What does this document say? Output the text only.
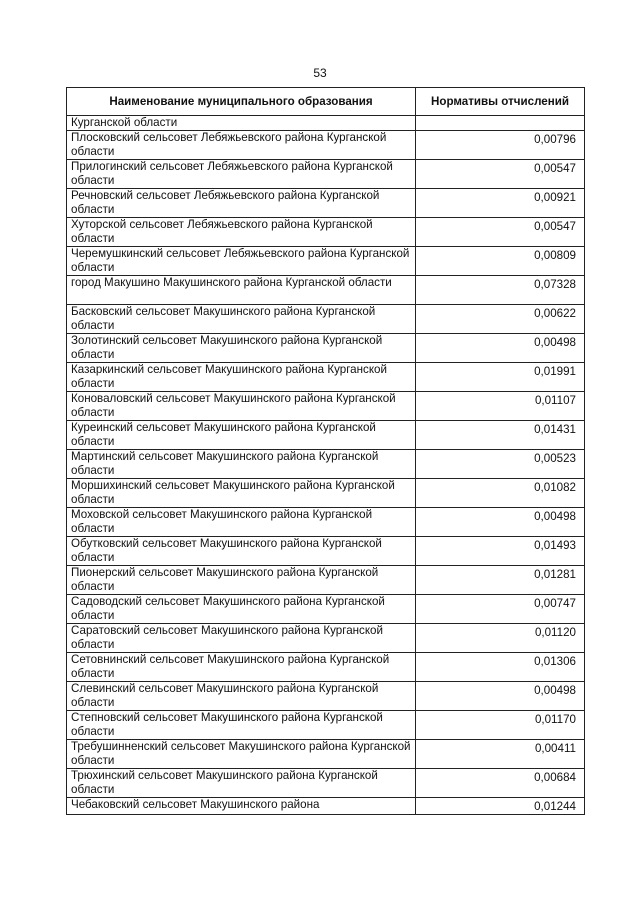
53
Наименование муниципального образования	Нормативы отчислений
Курганской области	
Плосковский сельсовет Лебяжьевского района Курганской области	0,00796
Прилогинский сельсовет Лебяжьевского района Курганской области	0,00547
Речновский сельсовет Лебяжьевского района Курганской области	0,00921
Хуторской сельсовет Лебяжьевского района Курганской области	0,00547
Черемушкинский сельсовет Лебяжьевского района Курганской области	0,00809
город Макушино Макушинского района Курганской области	0,07328
Басковский сельсовет Макушинского района Курганской области	0,00622
Золотинский сельсовет Макушинского района Курганской области	0,00498
Казаркинский сельсовет Макушинского района Курганской области	0,01991
Коноваловский сельсовет Макушинского района Курганской области	0,01107
Куреинский сельсовет Макушинского района Курганской области	0,01431
Мартинский сельсовет Макушинского района Курганской области	0,00523
Моршихинский сельсовет Макушинского района Курганской области	0,01082
Моховской сельсовет Макушинского района Курганской области	0,00498
Обутковский сельсовет Макушинского района Курганской области	0,01493
Пионерский сельсовет Макушинского района Курганской области	0,01281
Садоводский сельсовет Макушинского района Курганской области	0,00747
Саратовский сельсовет Макушинского района Курганской области	0,01120
Сетовнинский сельсовет Макушинского района Курганской области	0,01306
Слевинский сельсовет Макушинского района Курганской области	0,00498
Степновский сельсовет Макушинского района Курганской области	0,01170
Требушинненский сельсовет Макушинского района Курганской области	0,00411
Трюхинский сельсовет Макушинского района Курганской области	0,00684
Чебаковский сельсовет Макушинского района	0,01244
